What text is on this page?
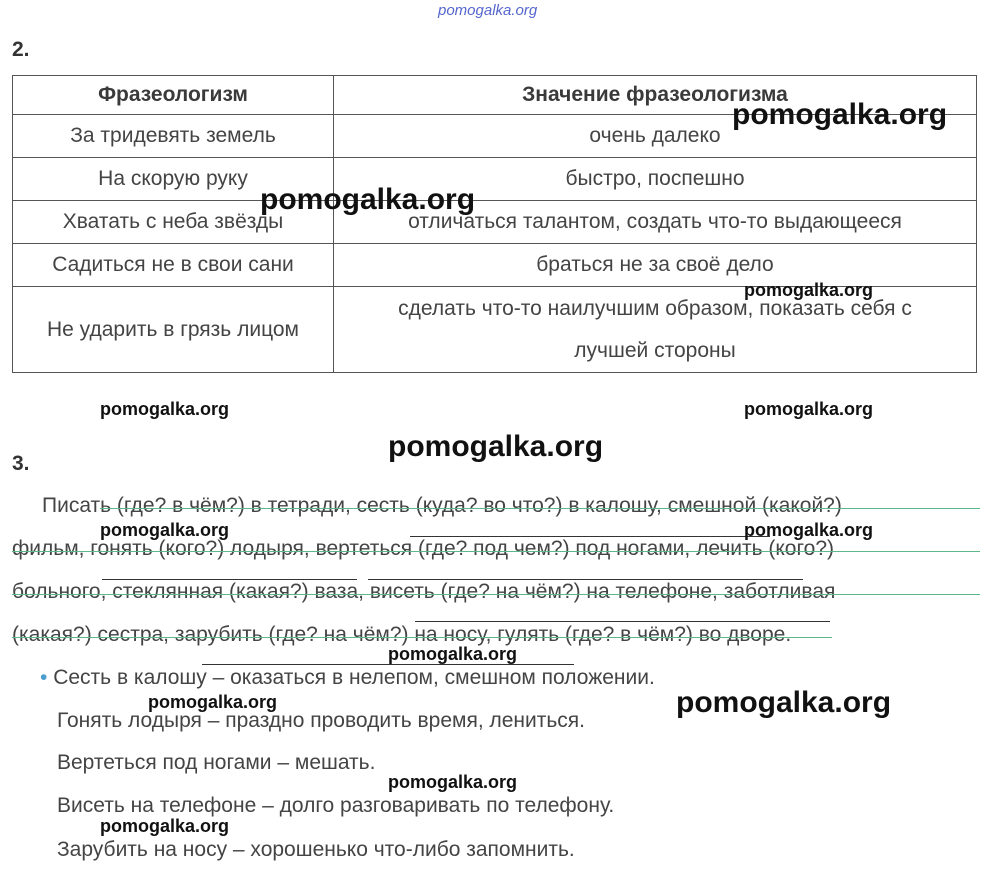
pomogalka.org
2.
Фразеологизм	Значение фразеологизма
За тридевять земель	очень далеко
На скорую руку	быстро, поспешно
Хватать с неба звёзды	отличаться талантом, создать что-то выдающееся
Садиться не в свои сани	браться не за своё дело
Не ударить в грязь лицом	сделать что-то наилучшим образом, показать себя с лучшей стороны
3.
Писать (где? в чём?) в тетради, сесть (куда? во что?) в калошу, смешной (какой?)
фильм, гонять (кого?) лодыря, вертеться (где? под чем?) под ногами, лечить (кого?)
больного, стеклянная (какая?) ваза, висеть (где? на чём?) на телефоне, заботливая
(какая?) сестра, зарубить (где? на чём?) на носу, гулять (где? в чём?) во дворе.
• Сесть в калошу – оказаться в нелепом, смешном положении.
Гонять лодыря – праздно проводить время, лениться.
Вертеться под ногами – мешать.
Висеть на телефоне – долго разговаривать по телефону.
Зарубить на носу – хорошенько что-либо запомнить.
pomogalka.org
pomogalka.org
pomogalka.org
pomogalka.org	pomogalka.org
pomogalka.org
pomogalka.org	pomogalka.org
pomogalka.org
pomogalka.org	pomogalka.org
pomogalka.org
pomogalka.org
